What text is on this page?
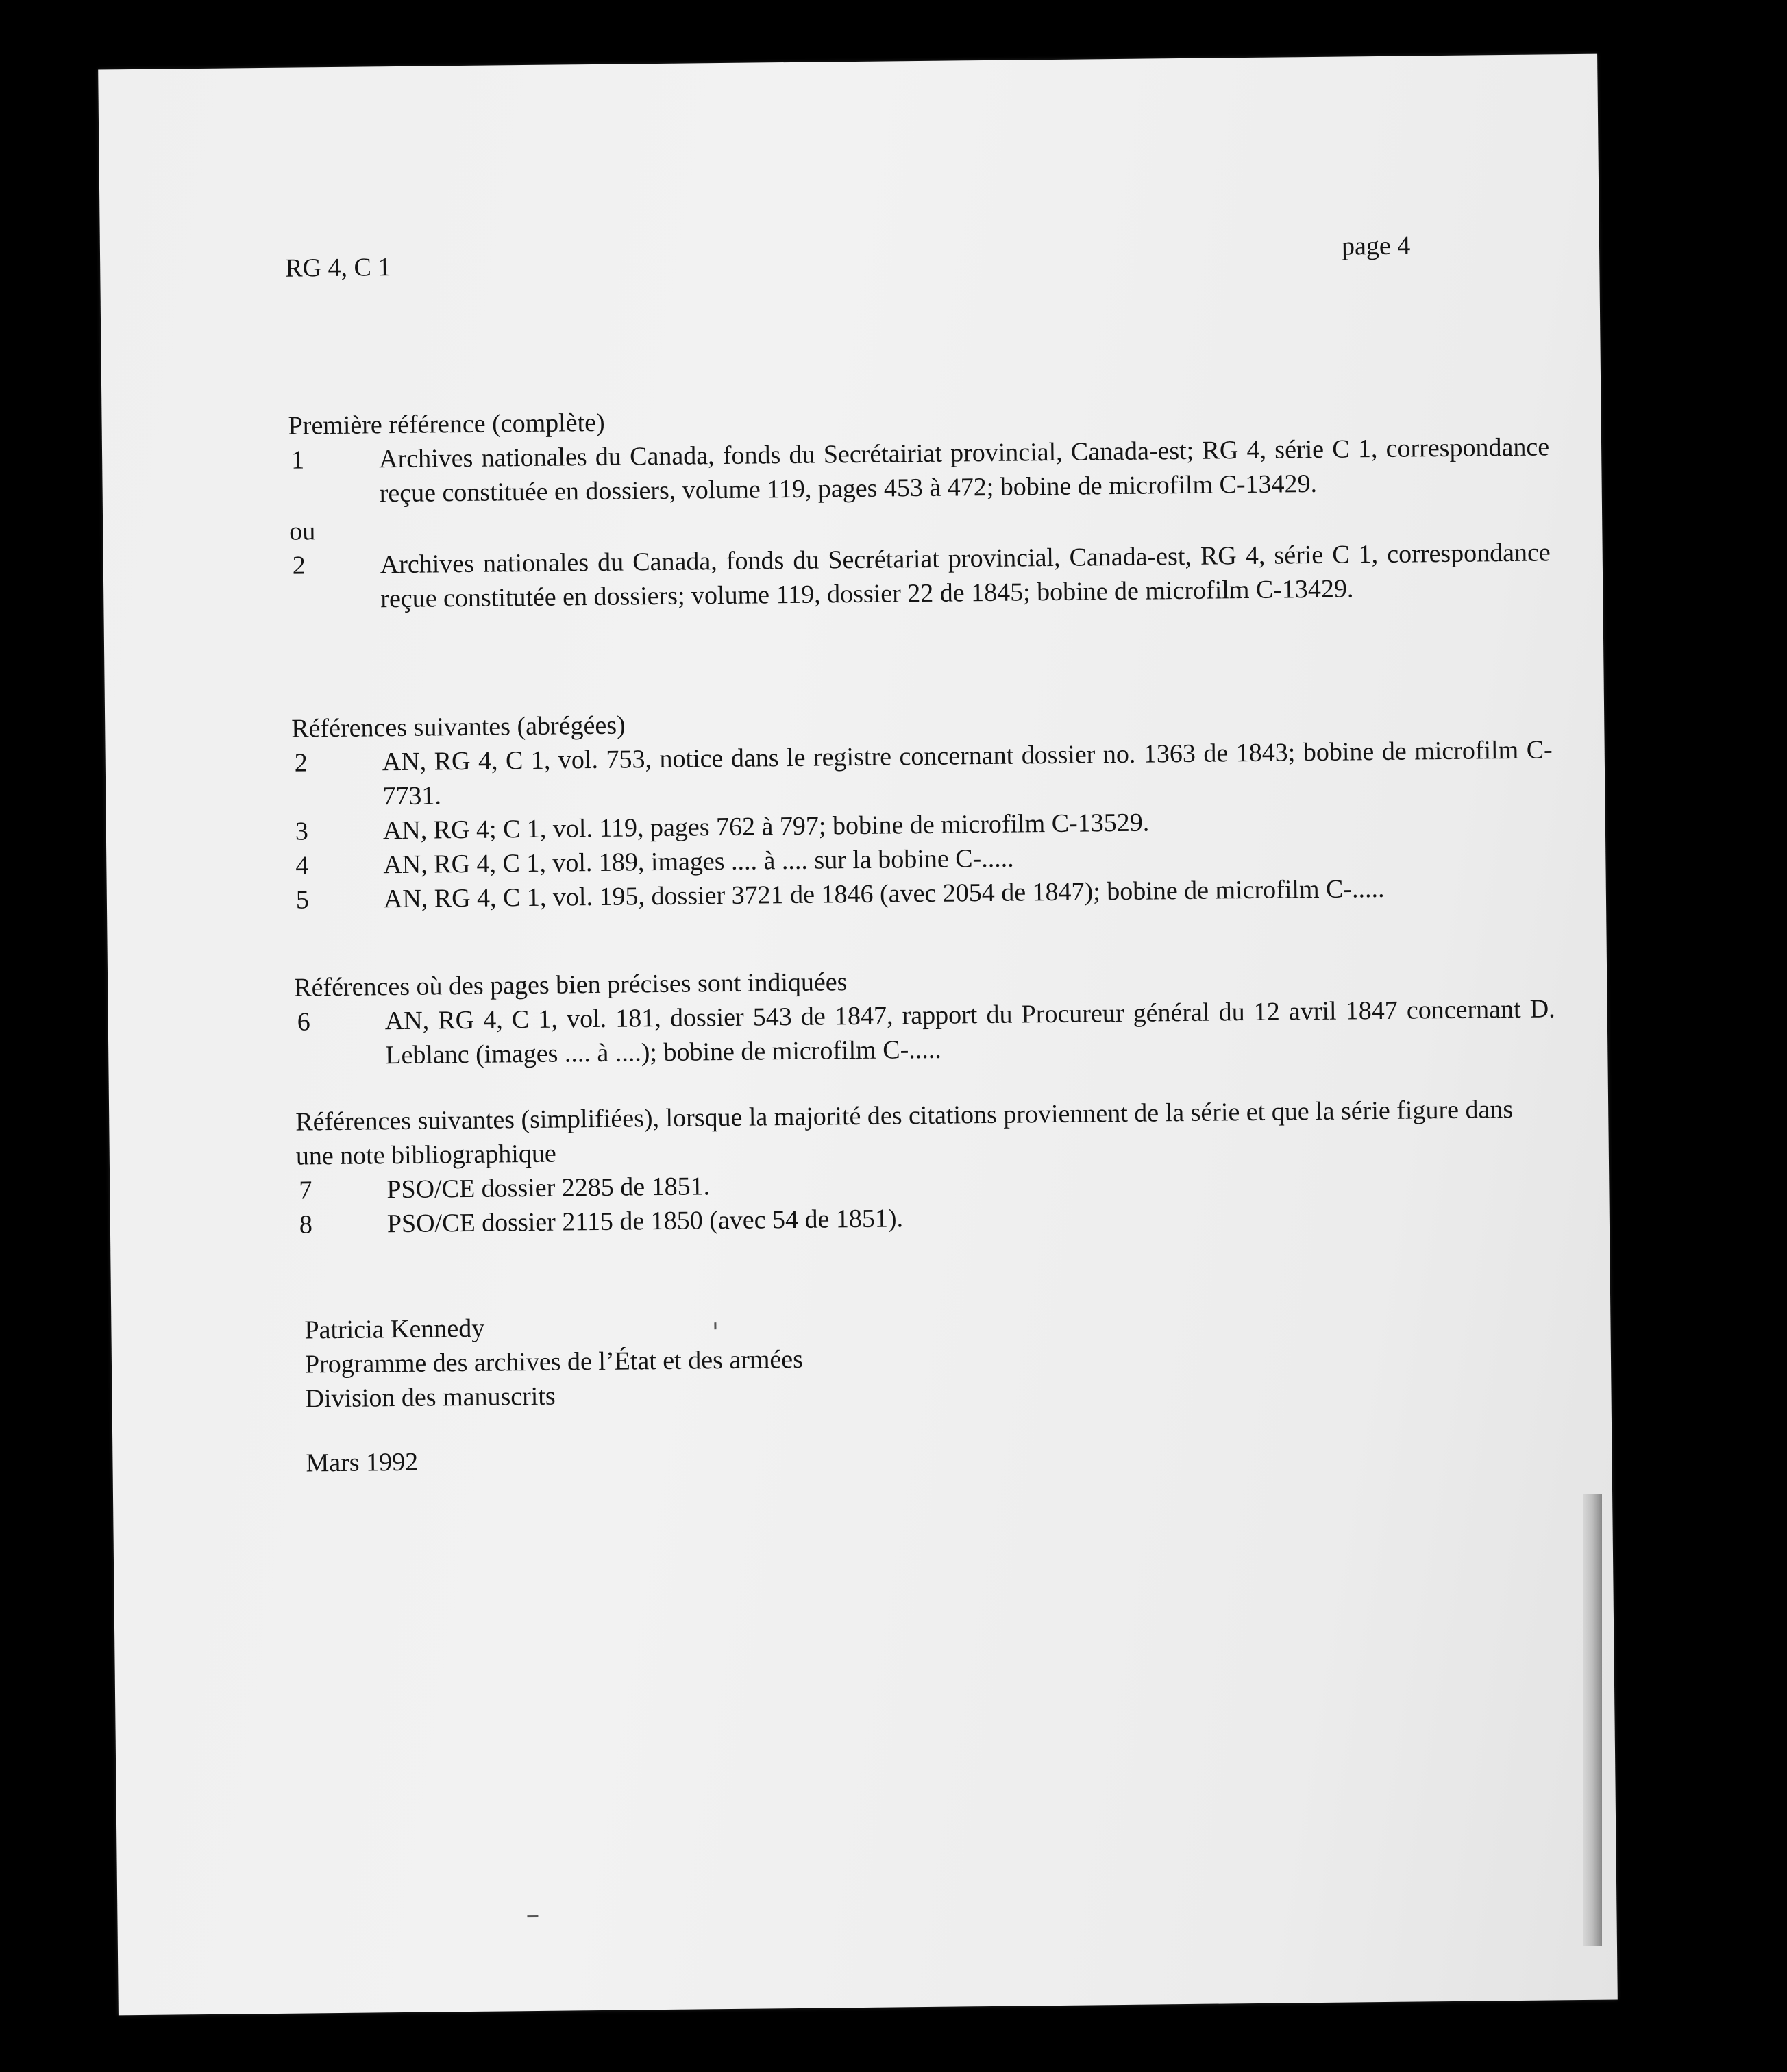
RG 4, C 1
page 4
Première référence (complète)
1	Archives nationales du Canada, fonds du Secrétairiat provincial, Canada-est; RG 4, série C 1, correspondance reçue constituée en dossiers, volume 119, pages 453 à 472; bobine de microfilm C-13429.
ou
2	Archives nationales du Canada, fonds du Secrétariat provincial, Canada-est, RG 4, série C 1, correspondance reçue constitutée en dossiers; volume 119, dossier 22 de 1845; bobine de microfilm C-13429.
Références suivantes (abrégées)
2	AN, RG 4, C 1, vol. 753, notice dans le registre concernant dossier no. 1363 de 1843; bobine de microfilm C-7731.
3	AN, RG 4; C 1, vol. 119, pages 762 à 797; bobine de microfilm C-13529.
4	AN, RG 4, C 1, vol. 189, images .... à .... sur la bobine C-.....
5	AN, RG 4, C 1, vol. 195, dossier 3721 de 1846 (avec 2054 de 1847); bobine de microfilm C-.....
Références où des pages bien précises sont indiquées
6	AN, RG 4, C 1, vol. 181, dossier 543 de 1847, rapport du Procureur général du 12 avril 1847 concernant D. Leblanc (images .... à ....); bobine de microfilm C-.....
Références suivantes (simplifiées), lorsque la majorité des citations proviennent de la série et que la série figure dans une note bibliographique
7	PSO/CE dossier 2285 de 1851.
8	PSO/CE dossier 2115 de 1850 (avec 54 de 1851).
Patricia Kennedy
Programme des archives de l’État et des armées
Division des manuscrits
Mars 1992
